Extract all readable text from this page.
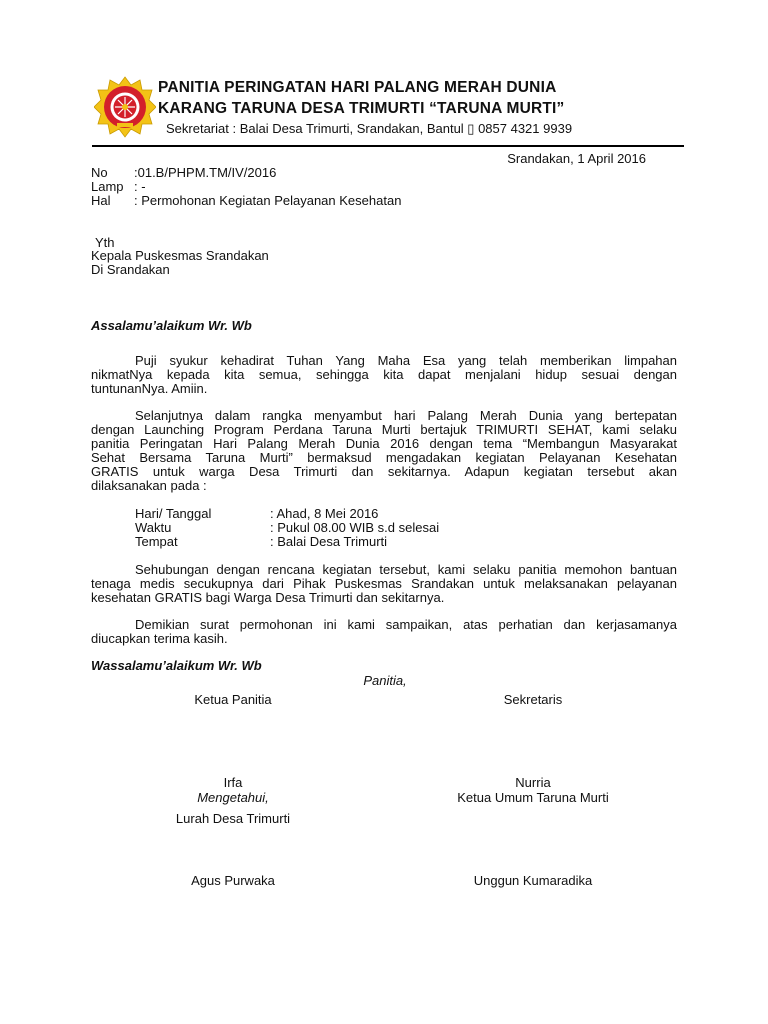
PANITIA PERINGATAN HARI PALANG MERAH DUNIA
KARANG TARUNA DESA TRIMURTI “TARUNA MURTI”
Sekretariat : Balai Desa Trimurti, Srandakan, Bantul ▯ 0857 4321 9939
Srandakan, 1 April 2016
No :01.B/PHPM.TM/IV/2016
Lamp : -
Hal : Permohonan Kegiatan Pelayanan Kesehatan
Yth
Kepala Puskesmas Srandakan
Di Srandakan
Assalamu’alaikum Wr. Wb
Puji syukur kehadirat Tuhan Yang Maha Esa yang telah memberikan limpahan
nikmatNya kepada kita semua, sehingga kita dapat menjalani hidup sesuai dengan
tuntunanNya. Amiin.
Selanjutnya dalam rangka menyambut hari Palang Merah Dunia yang bertepatan
dengan Launching Program Perdana Taruna Murti bertajuk TRIMURTI SEHAT, kami selaku
panitia Peringatan Hari Palang Merah Dunia 2016 dengan tema “Membangun Masyarakat
Sehat Bersama Taruna Murti” bermaksud mengadakan kegiatan Pelayanan Kesehatan
GRATIS untuk warga Desa Trimurti dan sekitarnya. Adapun kegiatan tersebut akan
dilaksanakan pada :
Hari/ Tanggal	: Ahad, 8 Mei 2016
Waktu	: Pukul 08.00 WIB s.d selesai
Tempat	: Balai Desa Trimurti
Sehubungan dengan rencana kegiatan tersebut, kami selaku panitia memohon bantuan
tenaga medis secukupnya dari Pihak Puskesmas Srandakan untuk melaksanakan pelayanan
kesehatan GRATIS bagi Warga Desa Trimurti dan sekitarnya.
Demikian surat permohonan ini kami sampaikan, atas perhatian dan kerjasamanya
diucapkan terima kasih.
Wassalamu’alaikum Wr. Wb
Panitia,
Ketua Panitia	Sekretaris
Irfa	Nurria
Mengetahui,	Ketua Umum Taruna Murti
Lurah Desa Trimurti
Agus Purwaka	Unggun Kumaradika
